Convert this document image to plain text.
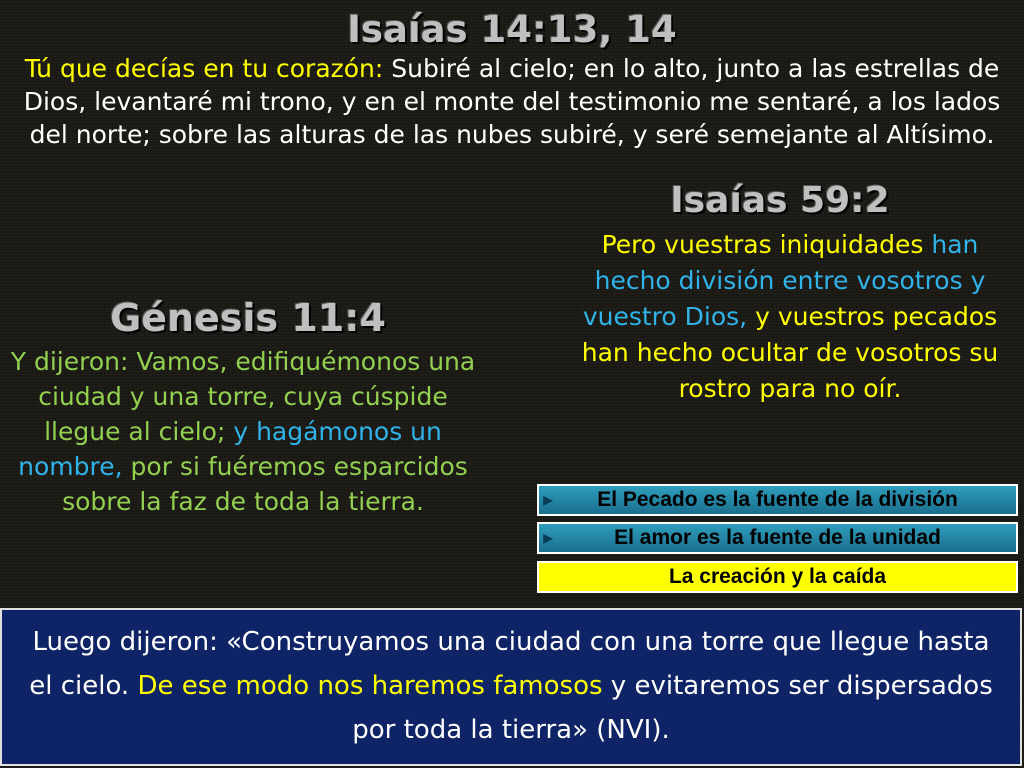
Isaías 14:13, 14
Tú que decías en tu corazón: Subiré al cielo; en lo alto, junto a las estrellas de Dios, levantaré mi trono, y en el monte del testimonio me sentaré, a los lados del norte; sobre las alturas de las nubes subiré, y seré semejante al Altísimo.
Isaías 59:2
Pero vuestras iniquidades han hecho división entre vosotros y vuestro Dios, y vuestros pecados han hecho ocultar de vosotros su rostro para no oír.
Génesis 11:4
Y dijeron: Vamos, edifiquémonos una ciudad y una torre, cuya cúspide llegue al cielo; y hagámonos un nombre, por si fuéremos esparcidos sobre la faz de toda la tierra.	▶ El Pecado es la fuente de la división
▶	El amor es la fuente de la unidad
La creación y la caída
Luego dijeron: «Construyamos una ciudad con una torre que llegue hasta el cielo. De ese modo nos haremos famosos y evitaremos ser dispersados por toda la tierra» (NVI).
